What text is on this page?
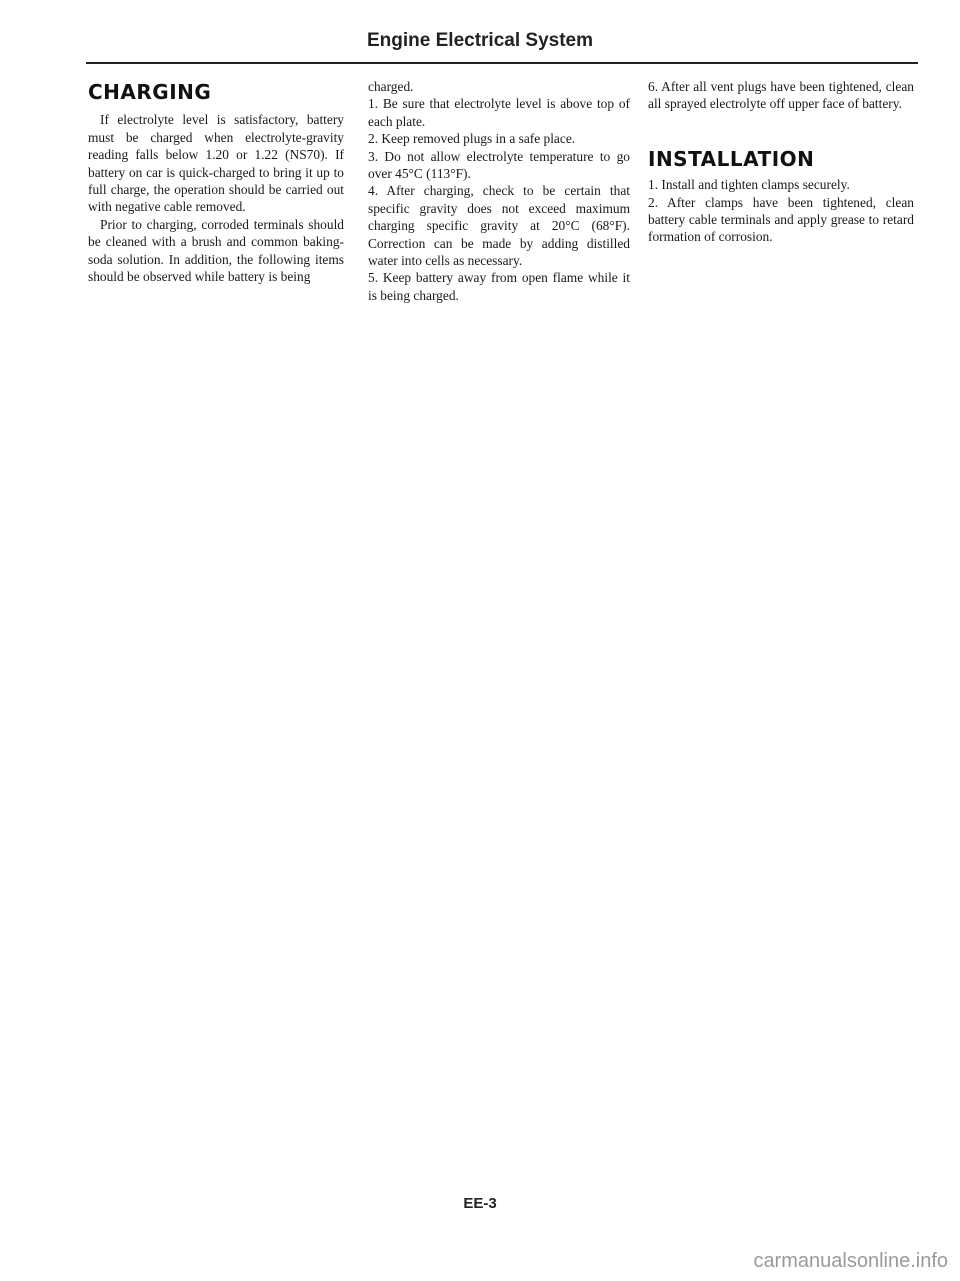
Engine Electrical System
CHARGING

If electrolyte level is satisfactory, battery must be charged when electrolyte-gravity reading falls below 1.20 or 1.22 (NS70). If battery on car is quick-charged to bring it up to full charge, the operation should be carried out with negative cable removed.

Prior to charging, corroded terminals should be cleaned with a brush and common baking-soda solution. In addition, the following items should be observed while battery is being

charged.

1. Be sure that electrolyte level is above top of each plate.

2. Keep removed plugs in a safe place.

3. Do not allow electrolyte temperature to go over 45°C (113°F).

4. After charging, check to be certain that specific gravity does not exceed maximum charging specific gravity at 20°C (68°F). Correction can be made by adding distilled water into cells as necessary.

5. Keep battery away from open flame while it is being charged.

6. After all vent plugs have been tightened, clean all sprayed electrolyte off upper face of battery.

INSTALLATION

1. Install and tighten clamps securely.

2. After clamps have been tightened, clean battery cable terminals and apply grease to retard formation of corrosion.

EE-3
carmanualsonline.info
